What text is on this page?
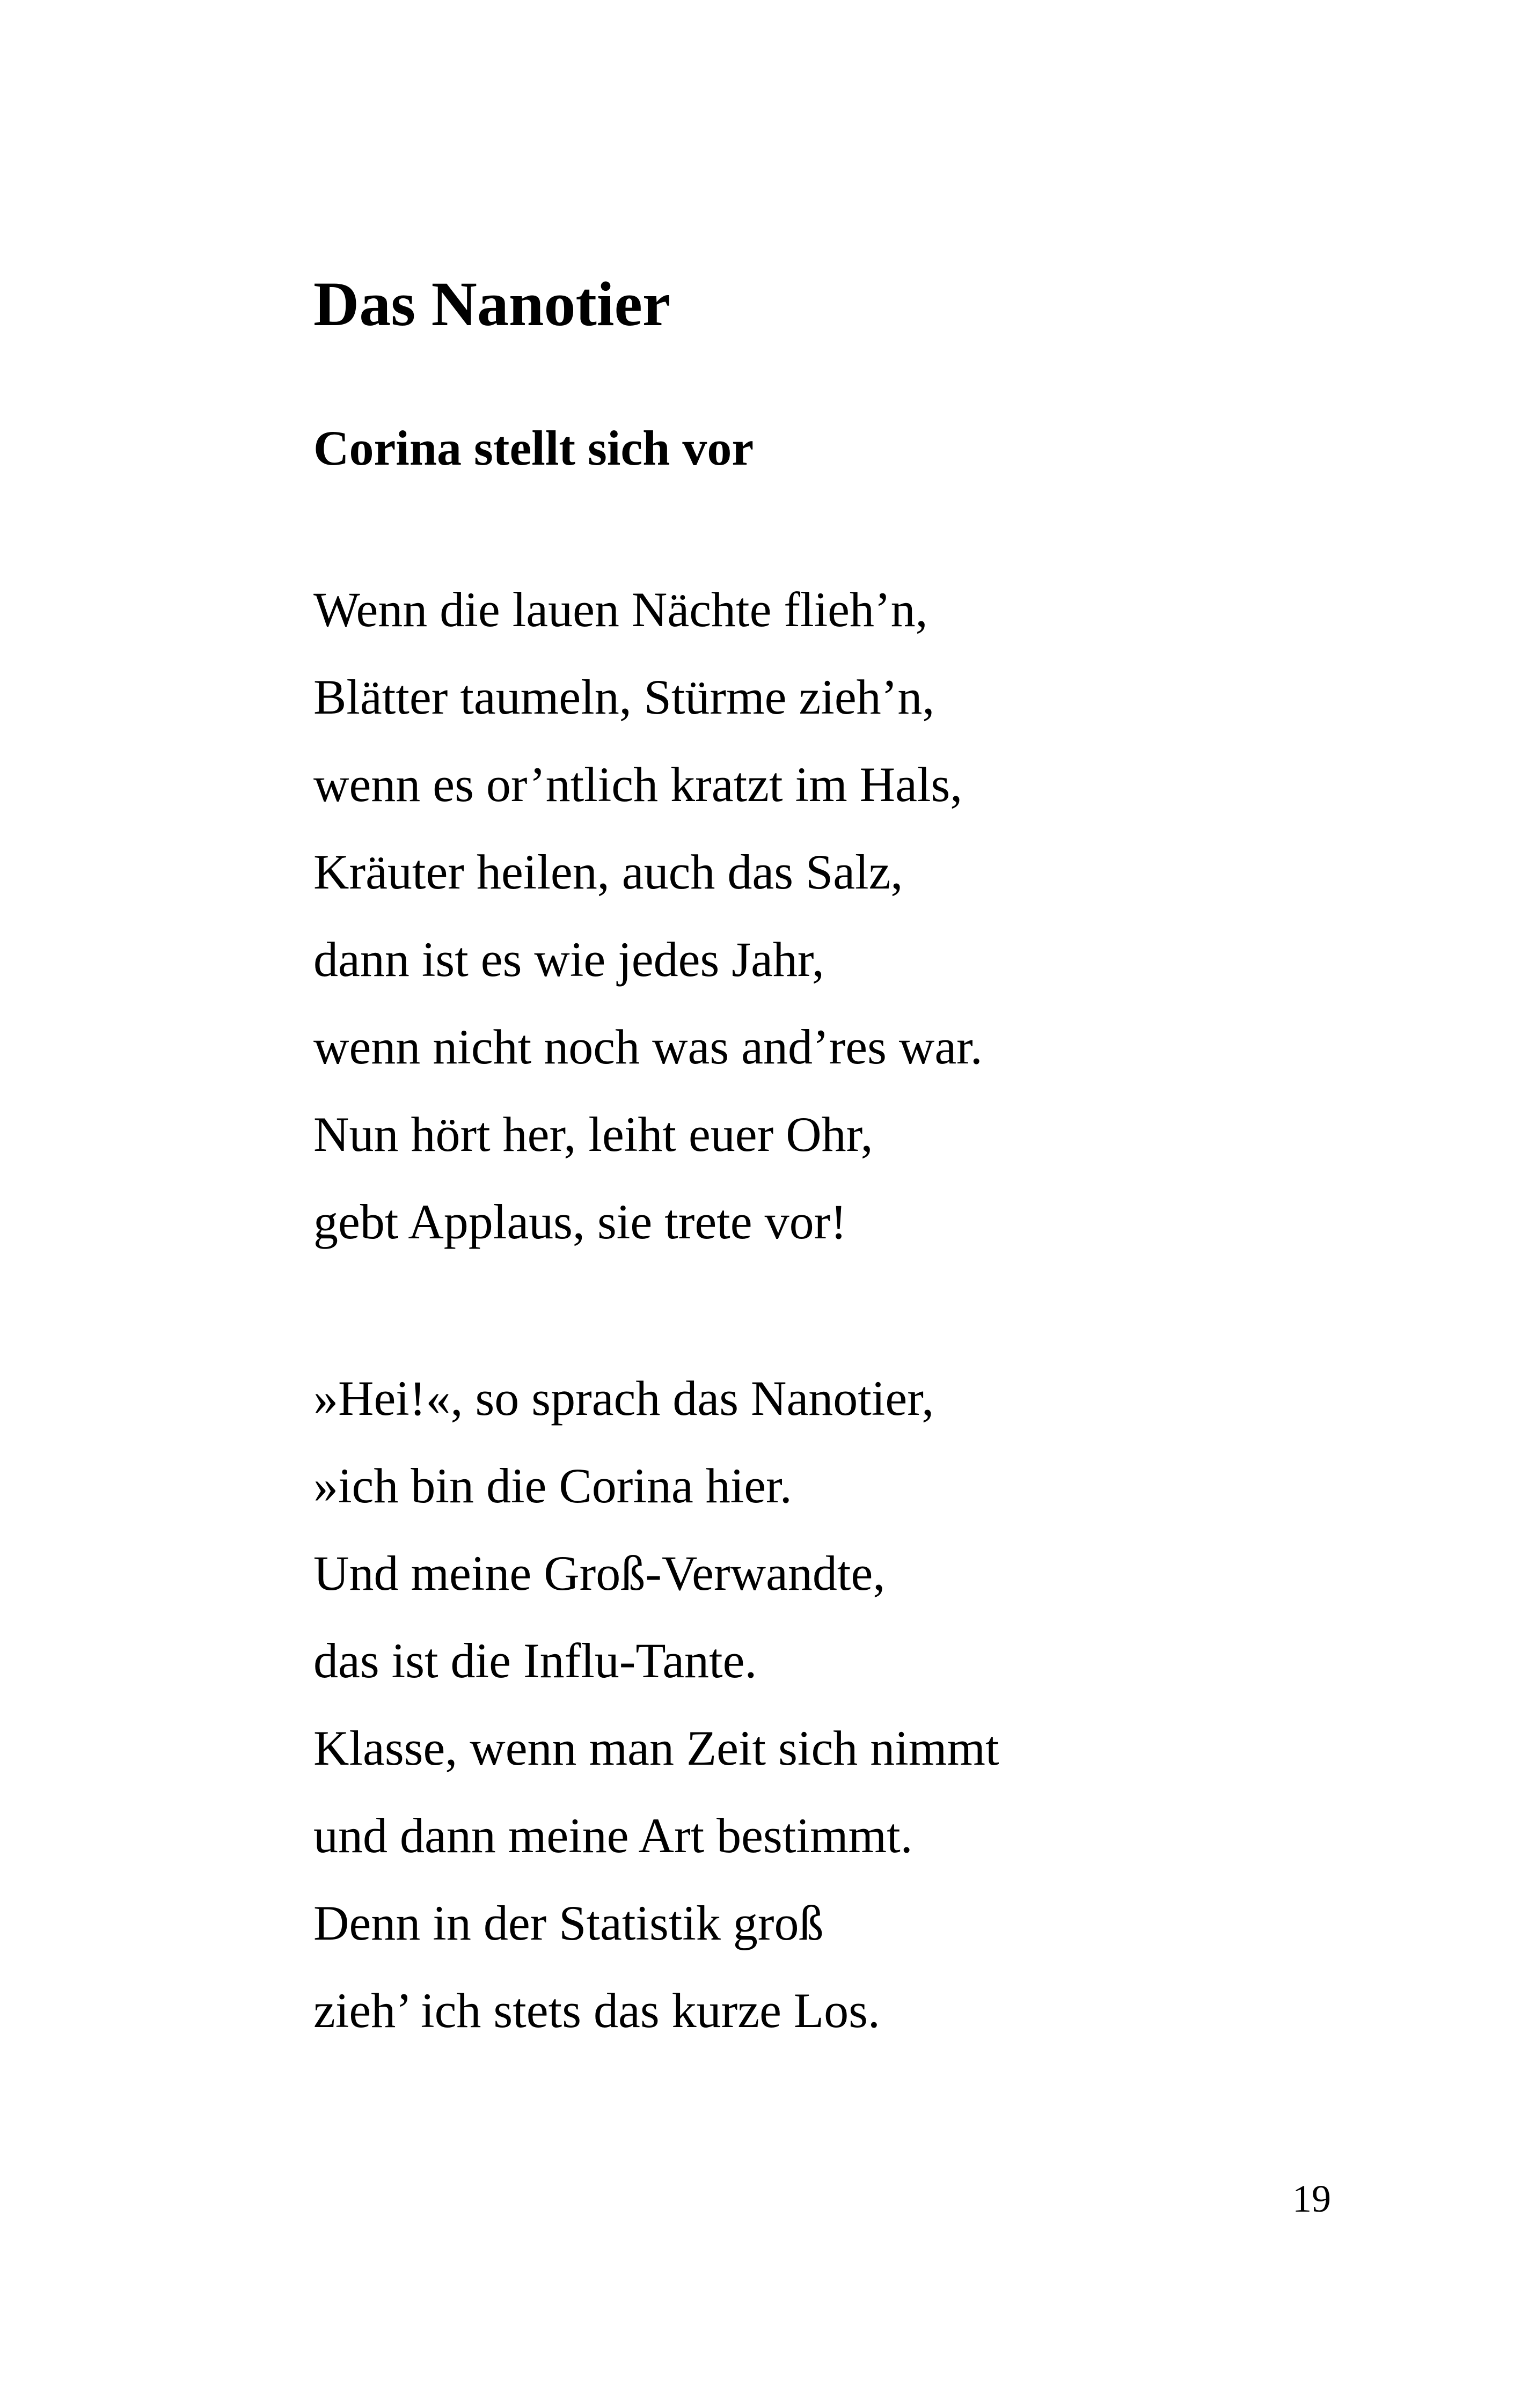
Das Nanotier
Corina stellt sich vor
Wenn die lauen Nächte flieh’n,
Blätter taumeln, Stürme zieh’n,
wenn es or’ntlich kratzt im Hals,
Kräuter heilen, auch das Salz,
dann ist es wie jedes Jahr,
wenn nicht noch was and’res war.
Nun hört her, leiht euer Ohr,
gebt Applaus, sie trete vor!
»Hei!«, so sprach das Nanotier,
»ich bin die Corina hier.
Und meine Groß-Verwandte,
das ist die Influ-Tante.
Klasse, wenn man Zeit sich nimmt
und dann meine Art bestimmt.
Denn in der Statistik groß
zieh’ ich stets das kurze Los.
19
